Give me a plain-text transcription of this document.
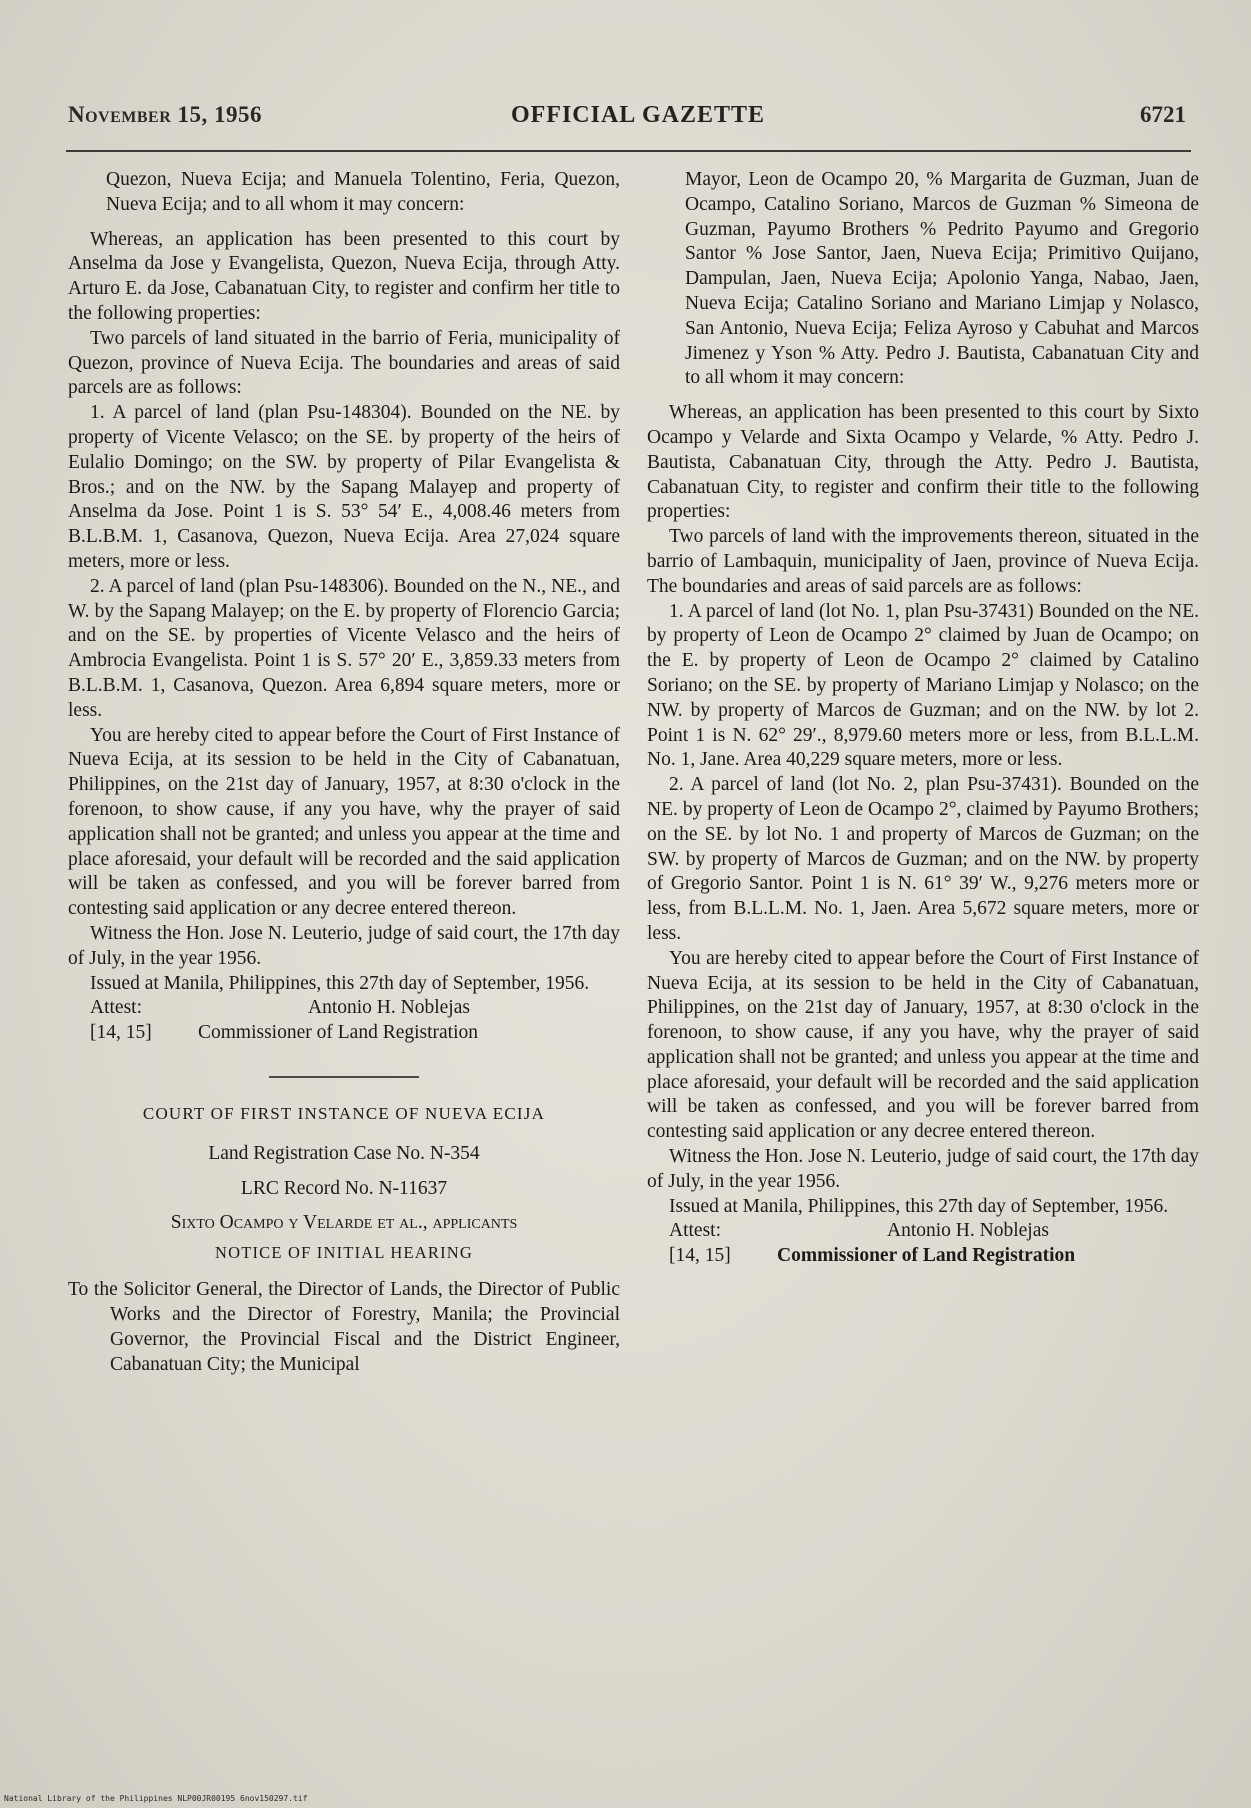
November 15, 1956	OFFICIAL GAZETTE	6721

Quezon, Nueva Ecija; and Manuela Tolentino, Feria, Quezon, Nueva Ecija; and to all whom it may concern:

Whereas, an application has been presented to this court by Anselma da Jose y Evangelista, Quezon, Nueva Ecija, through Atty. Arturo E. da Jose, Cabanatuan City, to register and confirm her title to the following properties:

Two parcels of land situated in the barrio of Feria, municipality of Quezon, province of Nueva Ecija. The boundaries and areas of said parcels are as follows:

1. A parcel of land (plan Psu-148304). Bounded on the NE. by property of Vicente Velasco; on the SE. by property of the heirs of Eulalio Domingo; on the SW. by property of Pilar Evangelista & Bros.; and on the NW. by the Sapang Malayep and property of Anselma da Jose. Point 1 is S. 53° 54′ E., 4,008.46 meters from B.L.B.M. 1, Casanova, Quezon, Nueva Ecija. Area 27,024 square meters, more or less.

2. A parcel of land (plan Psu-148306). Bounded on the N., NE., and W. by the Sapang Malayep; on the E. by property of Florencio Garcia; and on the SE. by properties of Vicente Velasco and the heirs of Ambrocia Evangelista. Point 1 is S. 57° 20′ E., 3,859.33 meters from B.L.B.M. 1, Casanova, Quezon. Area 6,894 square meters, more or less.

You are hereby cited to appear before the Court of First Instance of Nueva Ecija, at its session to be held in the City of Cabanatuan, Philippines, on the 21st day of January, 1957, at 8:30 o'clock in the forenoon, to show cause, if any you have, why the prayer of said application shall not be granted; and unless you appear at the time and place aforesaid, your default will be recorded and the said application will be taken as confessed, and you will be forever barred from contesting said application or any decree entered thereon.

Witness the Hon. Jose N. Leuterio, judge of said court, the 17th day of July, in the year 1956.

Issued at Manila, Philippines, this 27th day of September, 1956.

Attest:	Antonio H. Noblejas
[14, 15]	Commissioner of Land Registration
COURT OF FIRST INSTANCE OF NUEVA ECIJA
Land Registration Case No. N-354
LRC Record No. N-11637
Sixto Ocampo y Velarde et al., applicants
NOTICE OF INITIAL HEARING

To the Solicitor General, the Director of Lands, the Director of Public Works and the Director of Forestry, Manila; the Provincial Governor, the Provincial Fiscal and the District Engineer, Cabanatuan City; the Municipal

Mayor, Leon de Ocampo 20, % Margarita de Guzman, Juan de Ocampo, Catalino Soriano, Marcos de Guzman % Simeona de Guzman, Payumo Brothers % Pedrito Payumo and Gregorio Santor % Jose Santor, Jaen, Nueva Ecija; Primitivo Quijano, Dampulan, Jaen, Nueva Ecija; Apolonio Yanga, Nabao, Jaen, Nueva Ecija; Catalino Soriano and Mariano Limjap y Nolasco, San Antonio, Nueva Ecija; Feliza Ayroso y Cabuhat and Marcos Jimenez y Yson % Atty. Pedro J. Bautista, Cabanatuan City and to all whom it may concern:

Whereas, an application has been presented to this court by Sixto Ocampo y Velarde and Sixta Ocampo y Velarde, % Atty. Pedro J. Bautista, Cabanatuan City, through the Atty. Pedro J. Bautista, Cabanatuan City, to register and confirm their title to the following properties:

Two parcels of land with the improvements thereon, situated in the barrio of Lambaquin, municipality of Jaen, province of Nueva Ecija. The boundaries and areas of said parcels are as follows:

1. A parcel of land (lot No. 1, plan Psu-37431) Bounded on the NE. by property of Leon de Ocampo 2° claimed by Juan de Ocampo; on the E. by property of Leon de Ocampo 2° claimed by Catalino Soriano; on the SE. by property of Mariano Limjap y Nolasco; on the NW. by property of Marcos de Guzman; and on the NW. by lot 2. Point 1 is N. 62° 29′., 8,979.60 meters more or less, from B.L.L.M. No. 1, Jane. Area 40,229 square meters, more or less.

2. A parcel of land (lot No. 2, plan Psu-37431). Bounded on the NE. by property of Leon de Ocampo 2°, claimed by Payumo Brothers; on the SE. by lot No. 1 and property of Marcos de Guzman; on the SW. by property of Marcos de Guzman; and on the NW. by property of Gregorio Santor. Point 1 is N. 61° 39′ W., 9,276 meters more or less, from B.L.L.M. No. 1, Jaen. Area 5,672 square meters, more or less.

You are hereby cited to appear before the Court of First Instance of Nueva Ecija, at its session to be held in the City of Cabanatuan, Philippines, on the 21st day of January, 1957, at 8:30 o'clock in the forenoon, to show cause, if any you have, why the prayer of said application shall not be granted; and unless you appear at the time and place aforesaid, your default will be recorded and the said application will be taken as confessed, and you will be forever barred from contesting said application or any decree entered thereon.

Witness the Hon. Jose N. Leuterio, judge of said court, the 17th day of July, in the year 1956.

Issued at Manila, Philippines, this 27th day of September, 1956.

Attest:	Antonio H. Noblejas
[14, 15]	Commissioner of Land Registration
National Library of the Philippines NLP00JR00195 6nov150297.tif
